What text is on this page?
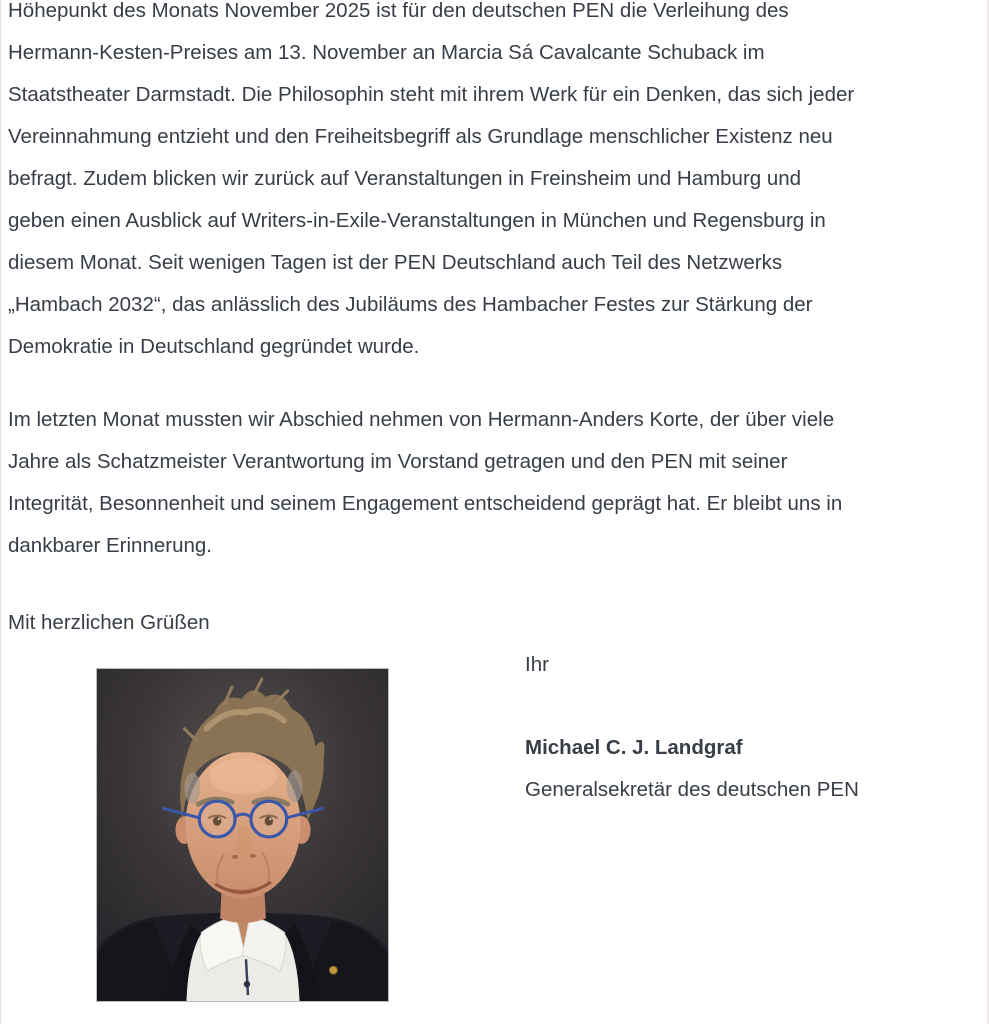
Höhepunkt des Monats November 2025 ist für den deutschen PEN die Verleihung des
Hermann-Kesten-Preises am 13. November an Marcia Sá Cavalcante Schuback im
Staatstheater Darmstadt. Die Philosophin steht mit ihrem Werk für ein Denken, das sich jeder
Vereinnahmung entzieht und den Freiheitsbegriff als Grundlage menschlicher Existenz neu
befragt. Zudem blicken wir zurück auf Veranstaltungen in Freinsheim und Hamburg und
geben einen Ausblick auf Writers-in-Exile-Veranstaltungen in München und Regensburg in
diesem Monat. Seit wenigen Tagen ist der PEN Deutschland auch Teil des Netzwerks
„Hambach 2032“, das anlässlich des Jubiläums des Hambacher Festes zur Stärkung der
Demokratie in Deutschland gegründet wurde.
Im letzten Monat mussten wir Abschied nehmen von Hermann-Anders Korte, der über viele
Jahre als Schatzmeister Verantwortung im Vorstand getragen und den PEN mit seiner
Integrität, Besonnenheit und seinem Engagement entscheidend geprägt hat. Er bleibt uns in
dankbarer Erinnerung.
Mit herzlichen Grüßen
Ihr
Michael C. J. Landgraf
Generalsekretär des deutschen PEN
